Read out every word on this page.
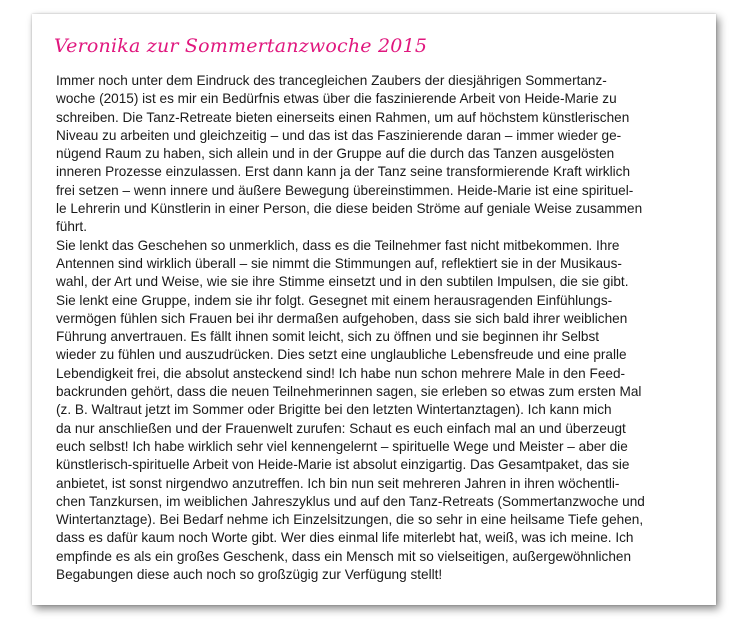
Veronika zur Sommertanzwoche 2015

Immer noch unter dem Eindruck des trancegleichen Zaubers der diesjährigen Sommertanz-
woche (2015) ist es mir ein Bedürfnis etwas über die faszinierende Arbeit von Heide-Marie zu
schreiben. Die Tanz-Retreate bieten einerseits einen Rahmen, um auf höchstem künstlerischen
Niveau zu arbeiten und gleichzeitig – und das ist das Faszinierende daran – immer wieder ge-
nügend Raum zu haben, sich allein und in der Gruppe auf die durch das Tanzen ausgelösten
inneren Prozesse einzulassen. Erst dann kann ja der Tanz seine transformierende Kraft wirklich
frei setzen – wenn innere und äußere Bewegung übereinstimmen. Heide-Marie ist eine spirituel-
le Lehrerin und Künstlerin in einer Person, die diese beiden Ströme auf geniale Weise zusammen
führt.

Sie lenkt das Geschehen so unmerklich, dass es die Teilnehmer fast nicht mitbekommen. Ihre
Antennen sind wirklich überall – sie nimmt die Stimmungen auf, reflektiert sie in der Musikaus-
wahl, der Art und Weise, wie sie ihre Stimme einsetzt und in den subtilen Impulsen, die sie gibt.
Sie lenkt eine Gruppe, indem sie ihr folgt. Gesegnet mit einem herausragenden Einfühlungs-
vermögen fühlen sich Frauen bei ihr dermaßen aufgehoben, dass sie sich bald ihrer weiblichen
Führung anvertrauen. Es fällt ihnen somit leicht, sich zu öffnen und sie beginnen ihr Selbst
wieder zu fühlen und auszudrücken. Dies setzt eine unglaubliche Lebensfreude und eine pralle
Lebendigkeit frei, die absolut ansteckend sind! Ich habe nun schon mehrere Male in den Feed-
backrunden gehört, dass die neuen Teilnehmerinnen sagen, sie erleben so etwas zum ersten Mal
(z. B. Waltraut jetzt im Sommer oder Brigitte bei den letzten Wintertanztagen). Ich kann mich
da nur anschließen und der Frauenwelt zurufen: Schaut es euch einfach mal an und überzeugt
euch selbst! Ich habe wirklich sehr viel kennengelernt – spirituelle Wege und Meister – aber die
künstlerisch-spirituelle Arbeit von Heide-Marie ist absolut einzigartig. Das Gesamtpaket, das sie
anbietet, ist sonst nirgendwo anzutreffen. Ich bin nun seit mehreren Jahren in ihren wöchentli-
chen Tanzkursen, im weiblichen Jahreszyklus und auf den Tanz-Retreats (Sommertanzwoche und
Wintertanztage). Bei Bedarf nehme ich Einzelsitzungen, die so sehr in eine heilsame Tiefe gehen,
dass es dafür kaum noch Worte gibt. Wer dies einmal life miterlebt hat, weiß, was ich meine. Ich
empfinde es als ein großes Geschenk, dass ein Mensch mit so vielseitigen, außergewöhnlichen
Begabungen diese auch noch so großzügig zur Verfügung stellt!
